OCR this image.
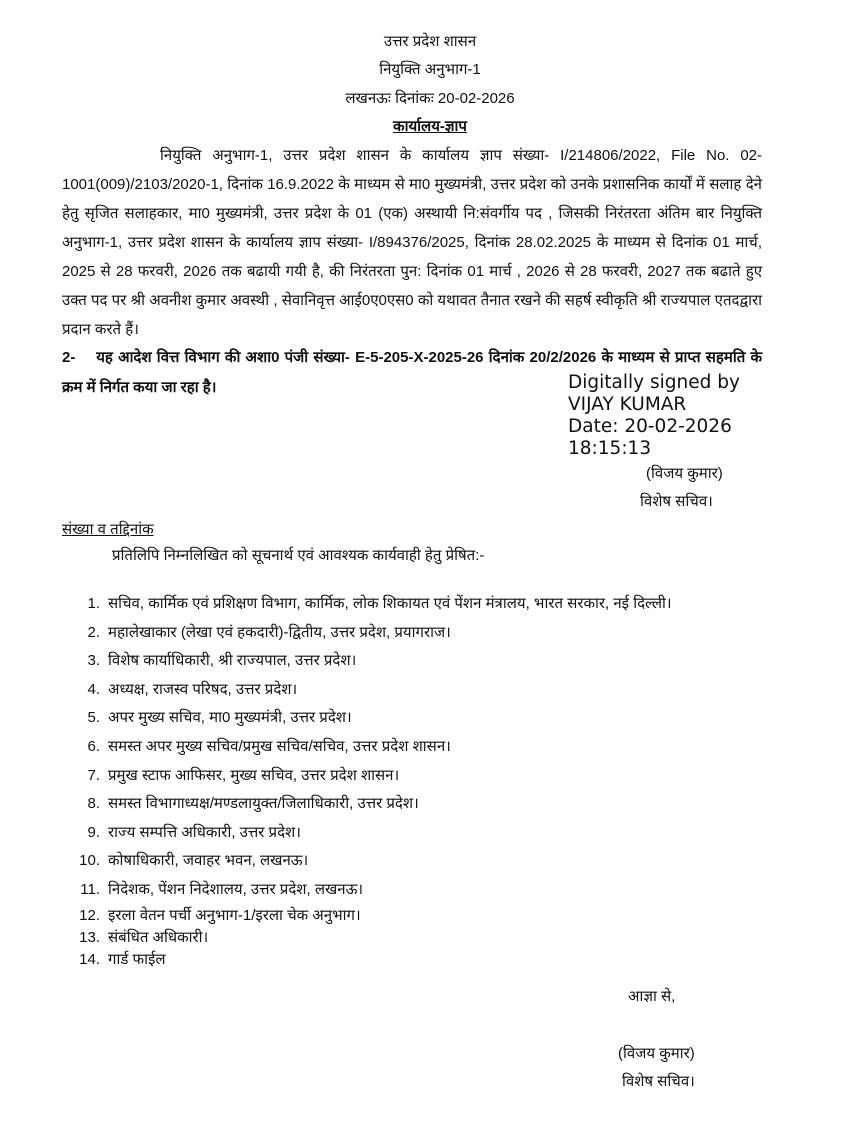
उत्तर प्रदेश शासन
नियुक्ति अनुभाग-1
लखनऊः दिनांकः 20-02-2026
कार्यालय-ज्ञाप
नियुक्ति अनुभाग-1, उत्तर प्रदेश शासन के कार्यालय ज्ञाप संख्या- I/214806/2022, File No. 02-1001(009)/2103/2020-1, दिनांक 16.9.2022 के माध्यम से मा0 मुख्यमंत्री, उत्तर प्रदेश को उनके प्रशासनिक कार्यों में सलाह देने हेतु सृजित सलाहकार, मा0 मुख्यमंत्री, उत्तर प्रदेश के 01 (एक) अस्थायी नि:संवर्गीय पद , जिसकी निरंतरता अंतिम बार नियुक्ति अनुभाग-1, उत्तर प्रदेश शासन के कार्यालय ज्ञाप संख्या- I/894376/2025, दिनांक 28.02.2025 के माध्यम से दिनांक 01 मार्च, 2025 से 28 फरवरी, 2026 तक बढायी गयी है, की निरंतरता पुन: दिनांक 01 मार्च , 2026 से 28 फरवरी, 2027 तक बढाते हुए उक्त पद पर श्री अवनीश कुमार अवस्थी , सेवानिवृत्त आई0ए0एस0 को यथावत तैनात रखने की सहर्ष स्वीकृति श्री राज्यपाल एतदद्वारा प्रदान करते हैं।
2- यह आदेश वित्त विभाग की अशा0 पंजी संख्या- E-5-205-X-2025-26 दिनांक 20/2/2026 के माध्यम से प्राप्त सहमति के क्रम में निर्गत कया जा रहा है।	Digitally signed by
VIJAY KUMAR
Date: 20-02-2026
18:15:13
(विजय कुमार)
विशेष सचिव।
संख्या व तद्दिनांक
प्रतिलिपि निम्नलिखित को सूचनार्थ एवं आवश्यक कार्यवाही हेतु प्रेषित:-
1. सचिव, कार्मिक एवं प्रशिक्षण विभाग, कार्मिक, लोक शिकायत एवं पेंशन मंत्रालय, भारत सरकार, नई दिल्ली।
2. महालेखाकार (लेखा एवं हकदारी)-द्वितीय, उत्तर प्रदेश, प्रयागराज।
3. विशेष कार्याधिकारी, श्री राज्यपाल, उत्तर प्रदेश।
4. अध्यक्ष, राजस्व परिषद, उत्तर प्रदेश।
5. अपर मुख्य सचिव, मा0 मुख्यमंत्री, उत्तर प्रदेश।
6. समस्त अपर मुख्य सचिव/प्रमुख सचिव/सचिव, उत्तर प्रदेश शासन।
7. प्रमुख स्टाफ आफिसर, मुख्य सचिव, उत्तर प्रदेश शासन।
8. समस्त विभागाध्यक्ष/मण्डलायुक्त/जिलाधिकारी, उत्तर प्रदेश।
9. राज्य सम्पत्ति अधिकारी, उत्तर प्रदेश।
10. कोषाधिकारी, जवाहर भवन, लखनऊ।
11. निदेशक, पेंशन निदेशालय, उत्तर प्रदेश, लखनऊ।
12. इरला वेतन पर्ची अनुभाग-1/इरला चेक अनुभाग।
13. संबंधित अधिकारी।
14. गार्ड फाईल
आज्ञा से,
(विजय कुमार)
विशेष सचिव।
